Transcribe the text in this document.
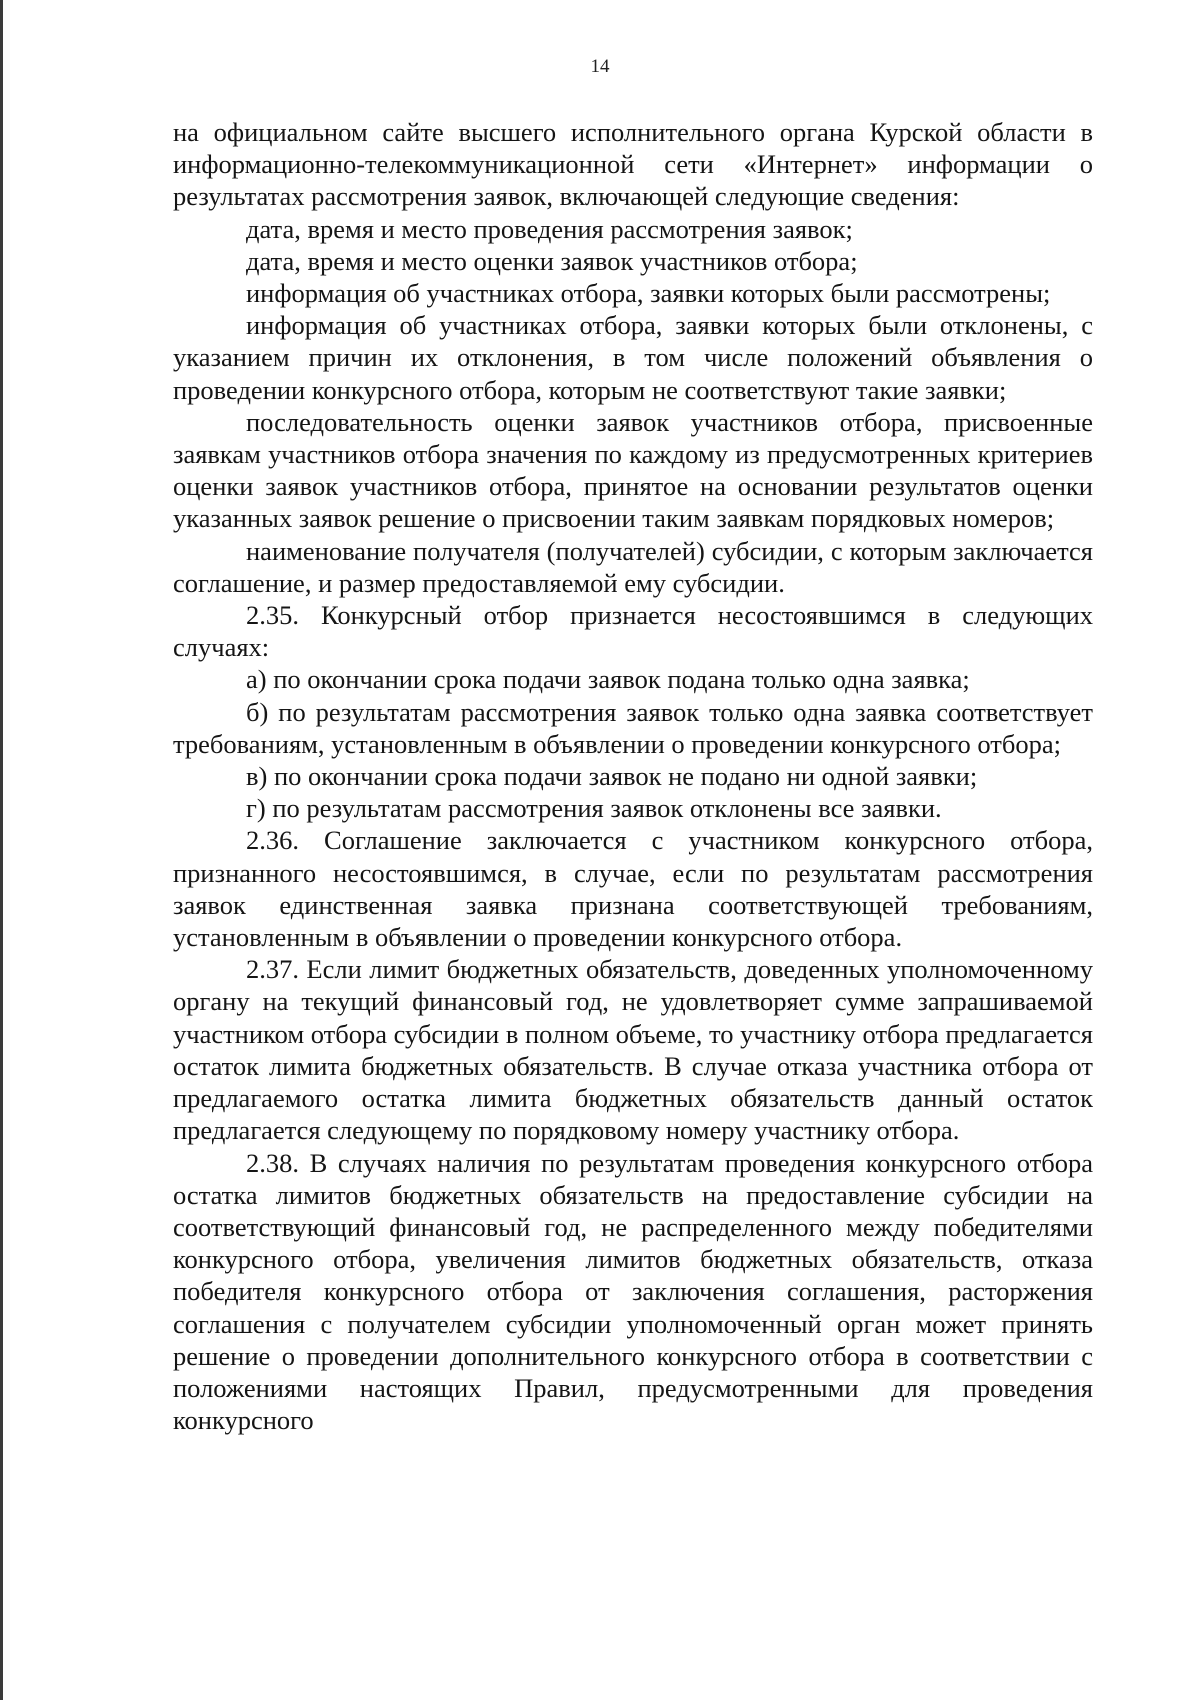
14

на официальном сайте высшего исполнительного органа Курской области в информационно-телекоммуникационной сети «Интернет» информации о результатах рассмотрения заявок, включающей следующие сведения:

дата, время и место проведения рассмотрения заявок;

дата, время и место оценки заявок участников отбора;

информация об участниках отбора, заявки которых были рассмотрены;

информация об участниках отбора, заявки которых были отклонены, с указанием причин их отклонения, в том числе положений объявления о проведении конкурсного отбора, которым не соответствуют такие заявки;

последовательность оценки заявок участников отбора, присвоенные заявкам участников отбора значения по каждому из предусмотренных критериев оценки заявок участников отбора, принятое на основании результатов оценки указанных заявок решение о присвоении таким заявкам порядковых номеров;

наименование получателя (получателей) субсидии, с которым заключается соглашение, и размер предоставляемой ему субсидии.

2.35. Конкурсный отбор признается несостоявшимся в следующих случаях:

а) по окончании срока подачи заявок подана только одна заявка;

б) по результатам рассмотрения заявок только одна заявка соответствует требованиям, установленным в объявлении о проведении конкурсного отбора;

в) по окончании срока подачи заявок не подано ни одной заявки;

г) по результатам рассмотрения заявок отклонены все заявки.

2.36. Соглашение заключается с участником конкурсного отбора, признанного несостоявшимся, в случае, если по результатам рассмотрения заявок единственная заявка признана соответствующей требованиям, установленным в объявлении о проведении конкурсного отбора.

2.37. Если лимит бюджетных обязательств, доведенных уполномоченному органу на текущий финансовый год, не удовлетворяет сумме запрашиваемой участником отбора субсидии в полном объеме, то участнику отбора предлагается остаток лимита бюджетных обязательств. В случае отказа участника отбора от предлагаемого остатка лимита бюджетных обязательств данный остаток предлагается следующему по порядковому номеру участнику отбора.

2.38. В случаях наличия по результатам проведения конкурсного отбора остатка лимитов бюджетных обязательств на предоставление субсидии на соответствующий финансовый год, не распределенного между победителями конкурсного отбора, увеличения лимитов бюджетных обязательств, отказа победителя конкурсного отбора от заключения соглашения, расторжения соглашения с получателем субсидии уполномоченный орган может принять решение о проведении дополнительного конкурсного отбора в соответствии с положениями настоящих Правил, предусмотренными для проведения конкурсного
